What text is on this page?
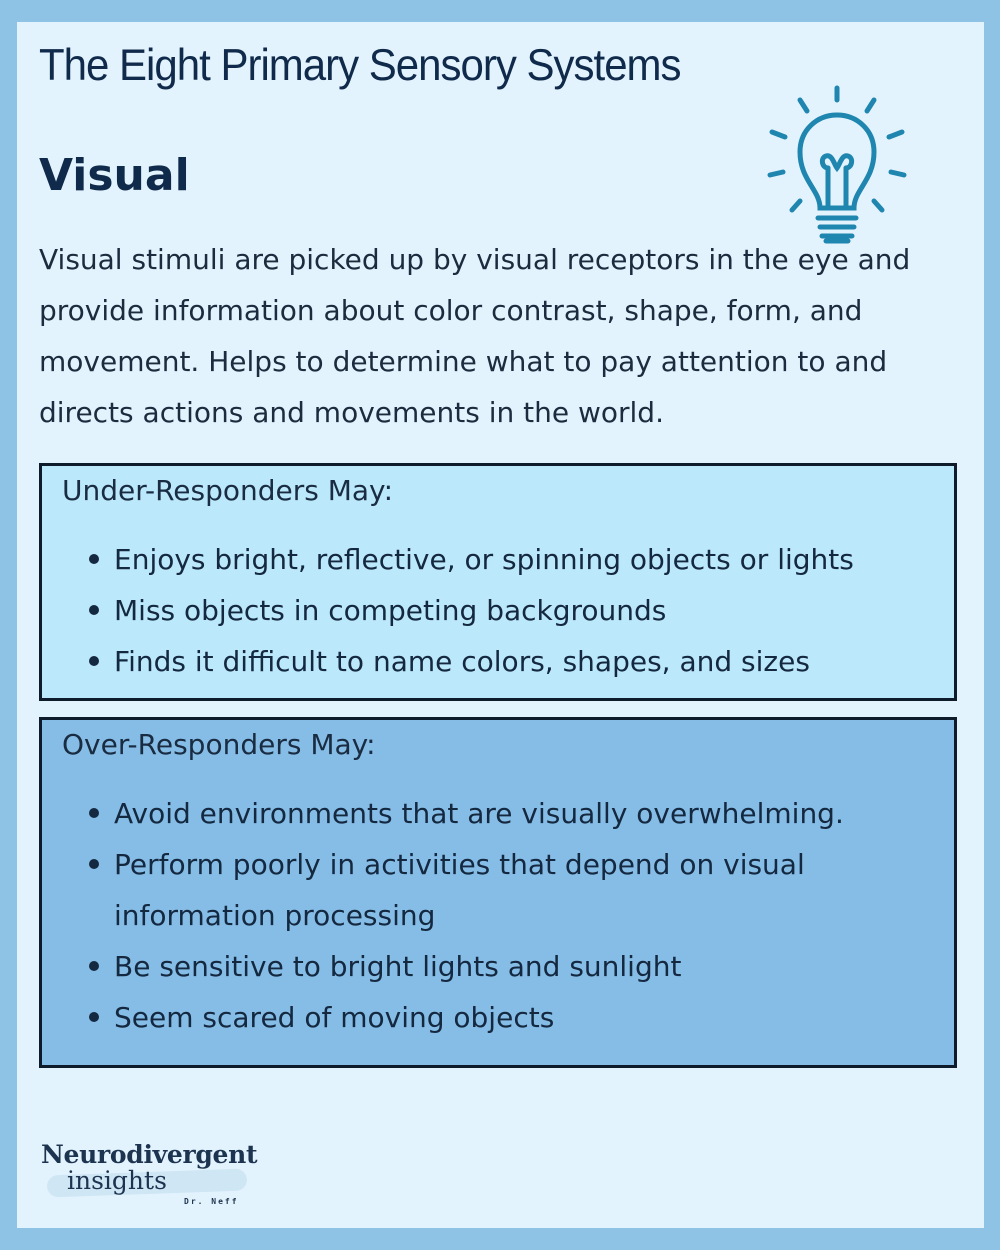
The Eight Primary Sensory Systems
Visual
Visual stimuli are picked up by visual receptors in the eye and provide information about color contrast, shape, form, and movement. Helps to determine what to pay attention to and directs actions and movements in the world.
Under-Responders May:
Enjoys bright, reflective, or spinning objects or lights
Miss objects in competing backgrounds
Finds it difficult to name colors, shapes, and sizes
Over-Responders May:
Avoid environments that are visually overwhelming.
Perform poorly in activities that depend on visual information processing
Be sensitive to bright lights and sunlight
Seem scared of moving objects
Neurodivergent
insights
Dr. Neff
